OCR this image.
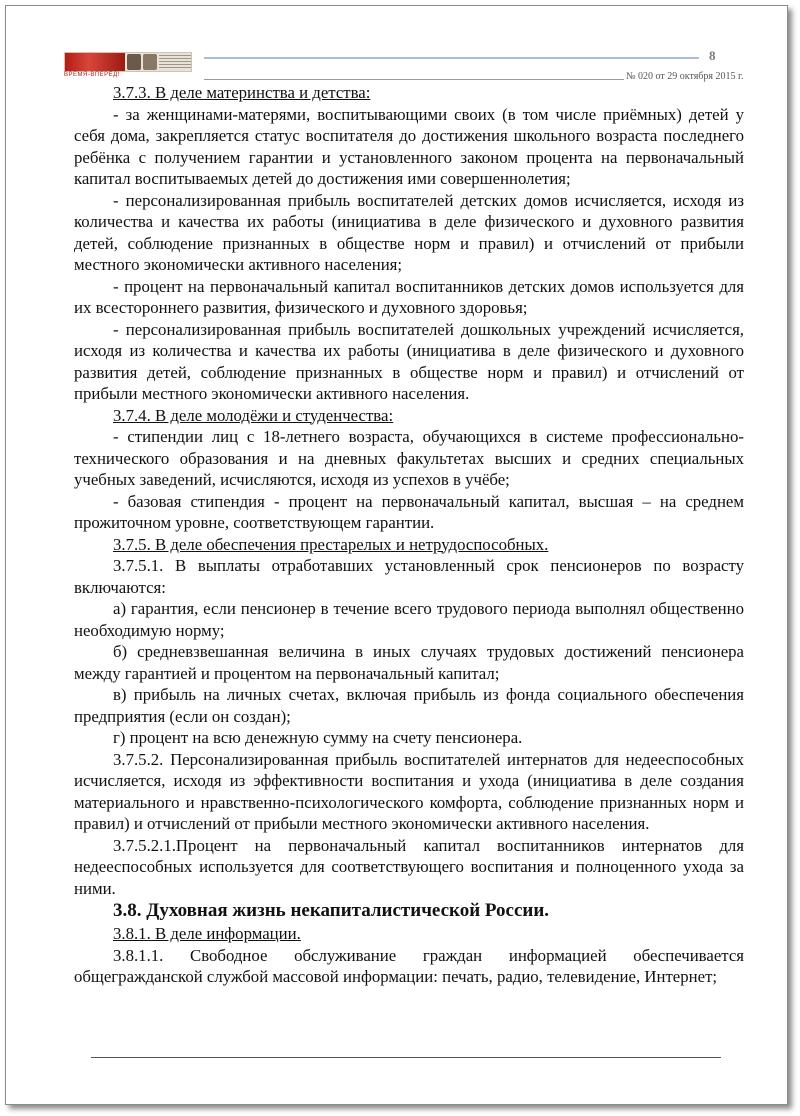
ВРЕМЯ-ВПЕРЁД!
8
№ 020 от 29 октября 2015 г.

3.7.3. В деле материнства и детства:

- за женщинами-матерями, воспитывающими своих (в том числе приёмных) детей у себя дома, закрепляется статус воспитателя до достижения школьного возраста последнего ребёнка с получением гарантии и установленного законом процента на первоначальный капитал воспитываемых детей до достижения ими совершеннолетия;

- персонализированная прибыль воспитателей детских домов исчисляется, исходя из количества и качества их работы (инициатива в деле физического и духовного развития детей, соблюдение признанных в обществе норм и правил) и отчислений от прибыли местного экономически активного населения;

- процент на первоначальный капитал воспитанников детских домов используется для их всестороннего развития, физического и духовного здоровья;

- персонализированная прибыль воспитателей дошкольных учреждений исчисляется, исходя из количества и качества их работы (инициатива в деле физического и духовного развития детей, соблюдение признанных в обществе норм и правил) и отчислений от прибыли местного экономически активного населения.

3.7.4. В деле молодёжи и студенчества:

- стипендии лиц с 18-летнего возраста, обучающихся в системе профессионально-технического образования и на дневных факультетах высших и средних специальных учебных заведений, исчисляются, исходя из успехов в учёбе;

- базовая стипендия - процент на первоначальный капитал, высшая – на среднем прожиточном уровне, соответствующем гарантии.

3.7.5. В деле обеспечения престарелых и нетрудоспособных.

3.7.5.1. В выплаты отработавших установленный срок пенсионеров по возрасту включаются:

а) гарантия, если пенсионер в течение всего трудового периода выполнял общественно необходимую норму;

б) средневзвешанная величина в иных случаях трудовых достижений пенсионера между гарантией и процентом на первоначальный капитал;

в) прибыль на личных счетах, включая прибыль из фонда социального обеспечения предприятия (если он создан);

г) процент на всю денежную сумму на счету пенсионера.

3.7.5.2. Персонализированная прибыль воспитателей интернатов для недееспособных исчисляется, исходя из эффективности воспитания и ухода (инициатива в деле создания материального и нравственно-психологического комфорта, соблюдение признанных норм и правил) и отчислений от прибыли местного экономически активного населения.

3.7.5.2.1.Процент на первоначальный капитал воспитанников интернатов для недееспособных используется для соответствующего воспитания и полноценного ухода за ними.

3.8. Духовная жизнь некапиталистической России.

3.8.1. В деле информации.

3.8.1.1. Свободное обслуживание граждан информацией обеспечивается общегражданской службой массовой информации: печать, радио, телевидение, Интернет;
